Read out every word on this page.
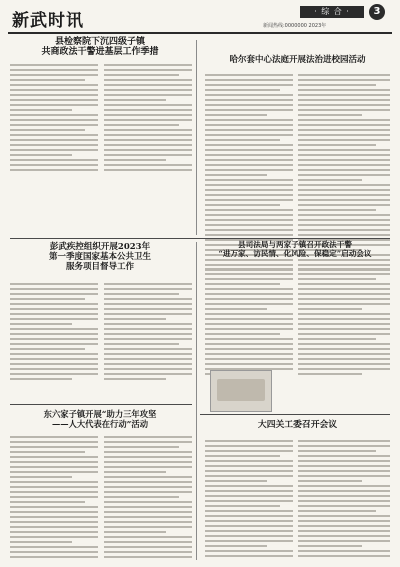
新武时讯	新闻热线:0000000 2023年
· 综 合 ·	3
县检察院下沉四级子镇
共商政法干警进基层工作季措
哈尔套中心法庭开展法治进校园活动
彭武疾控组织开展2023年
第一季度国家基本公共卫生
服务项目督导工作
县司法局与两家子镇召开政法干警
“进万家、访民情、化风险、保稳定”启动会议
东六家子镇开展“助力三年攻坚
——人大代表在行动”活动	大四关工委召开会议
